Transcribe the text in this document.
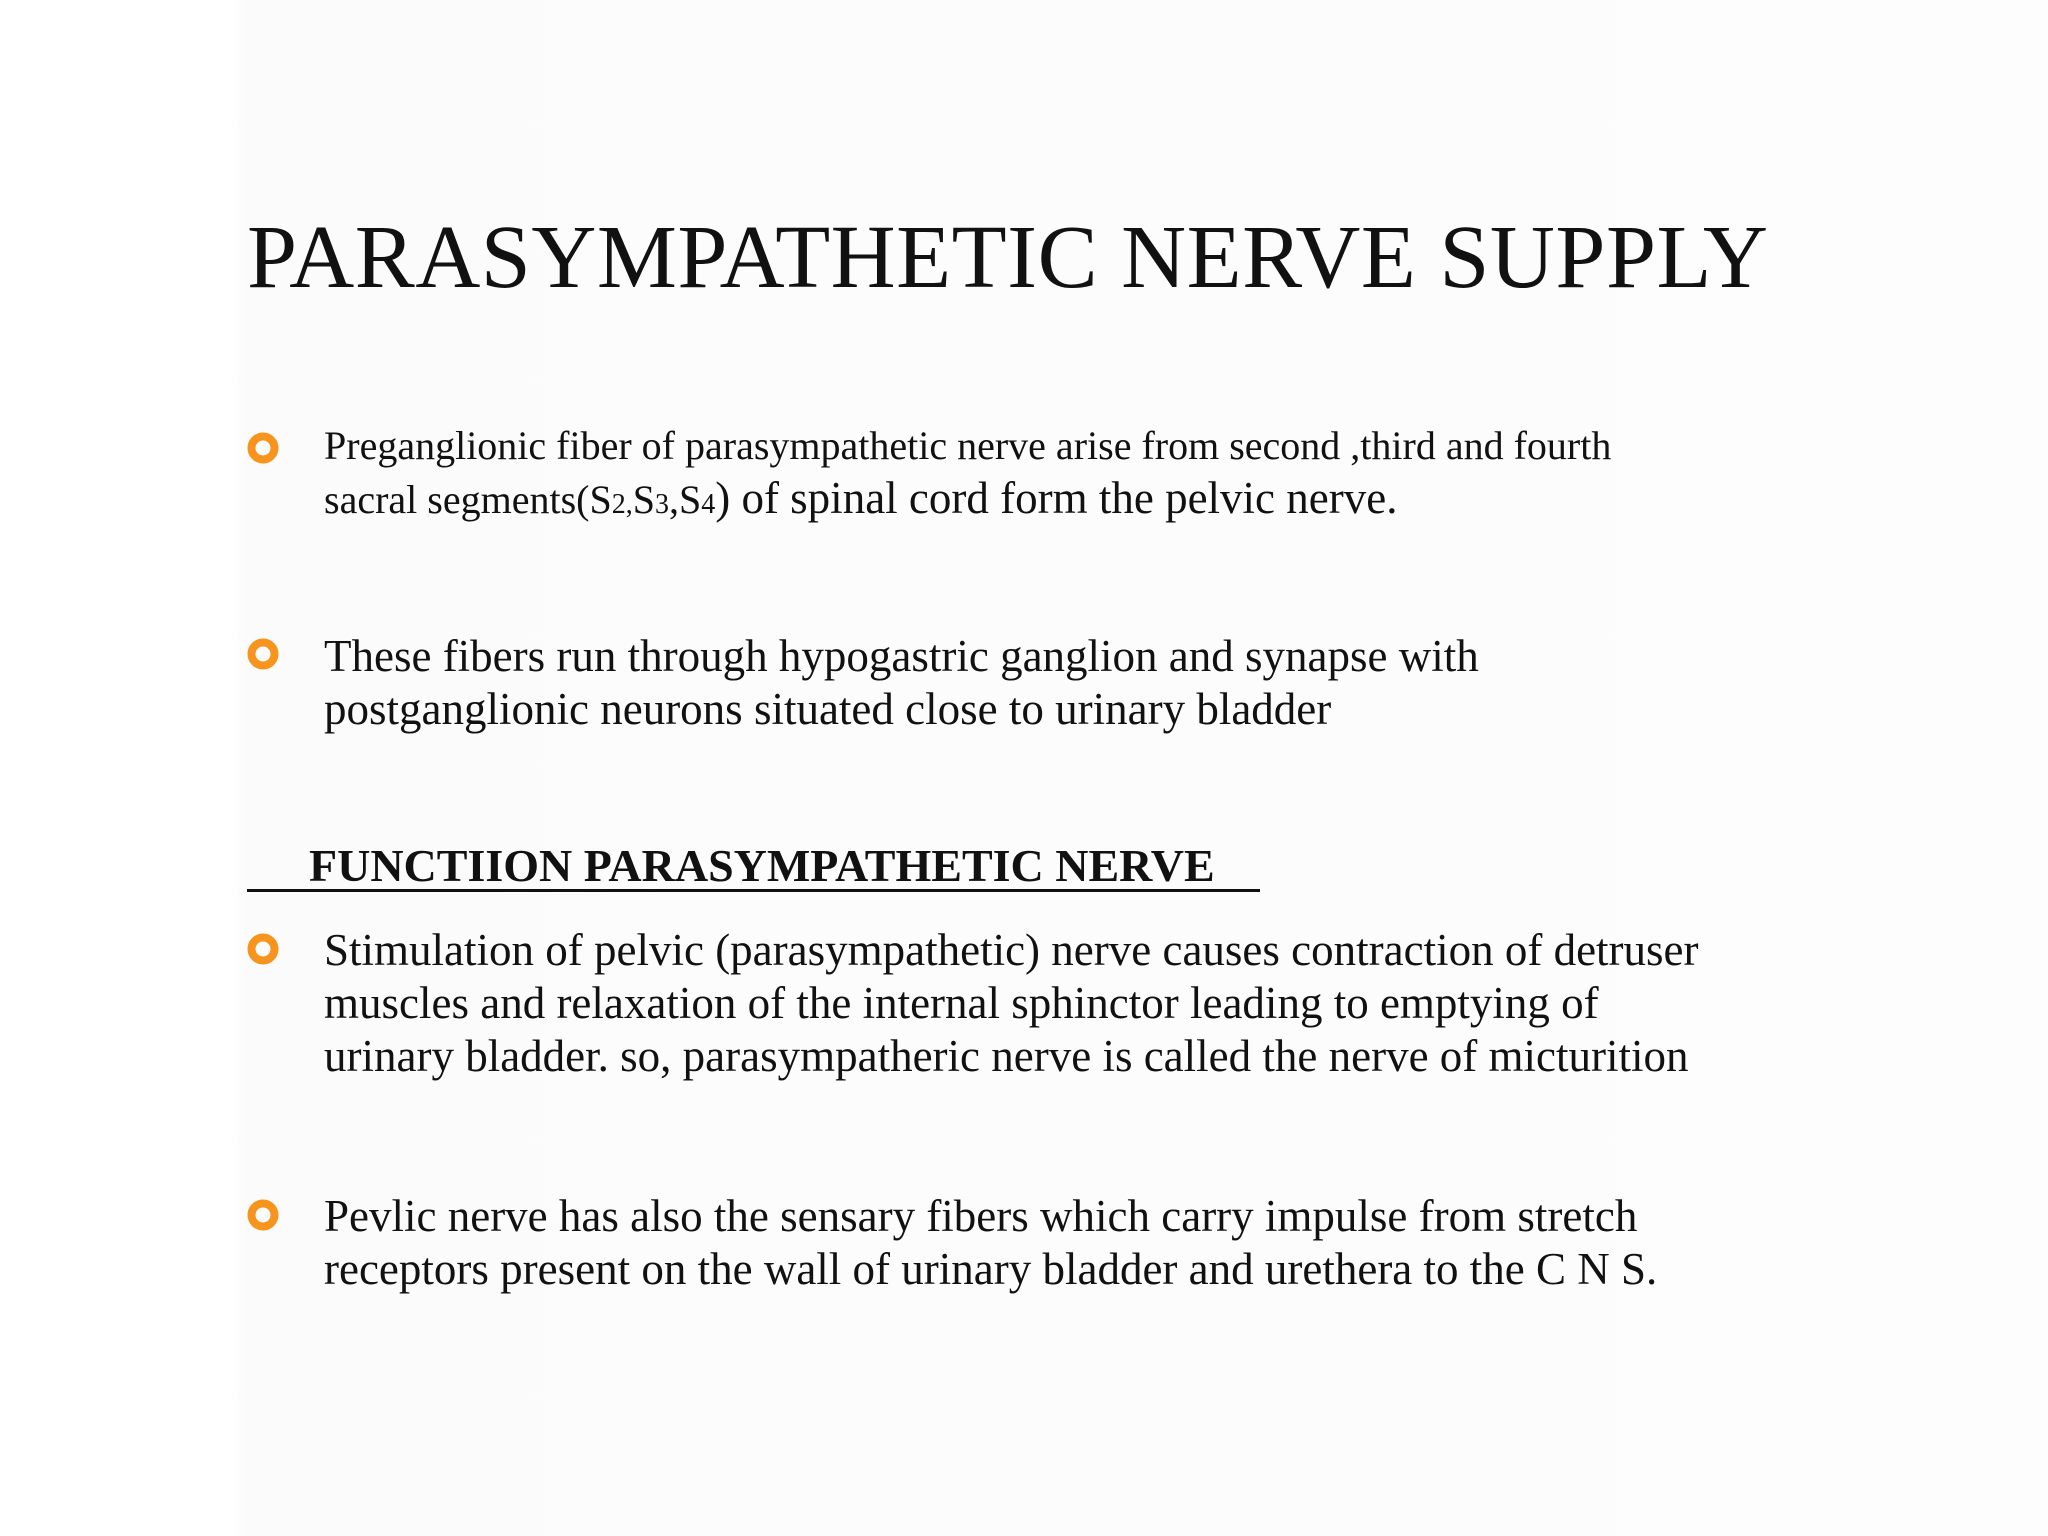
PARASYMPATHETIC NERVE SUPPLY
Preganglionic fiber of parasympathetic nerve arise from second ,third and fourth
sacral segments(S2,S3,S4) of spinal cord form the pelvic nerve.
These fibers run through hypogastric ganglion and synapse with
postganglionic neurons situated close to urinary bladder
FUNCTIION PARASYMPATHETIC NERVE
Stimulation of pelvic (parasympathetic) nerve causes contraction of detruser
muscles and relaxation of the internal sphinctor leading to emptying of
urinary bladder. so, parasympatheric nerve is called the nerve of micturition
Pevlic nerve has also the sensary fibers which carry impulse from stretch
receptors present on the wall of urinary bladder and urethera to the C N S.
